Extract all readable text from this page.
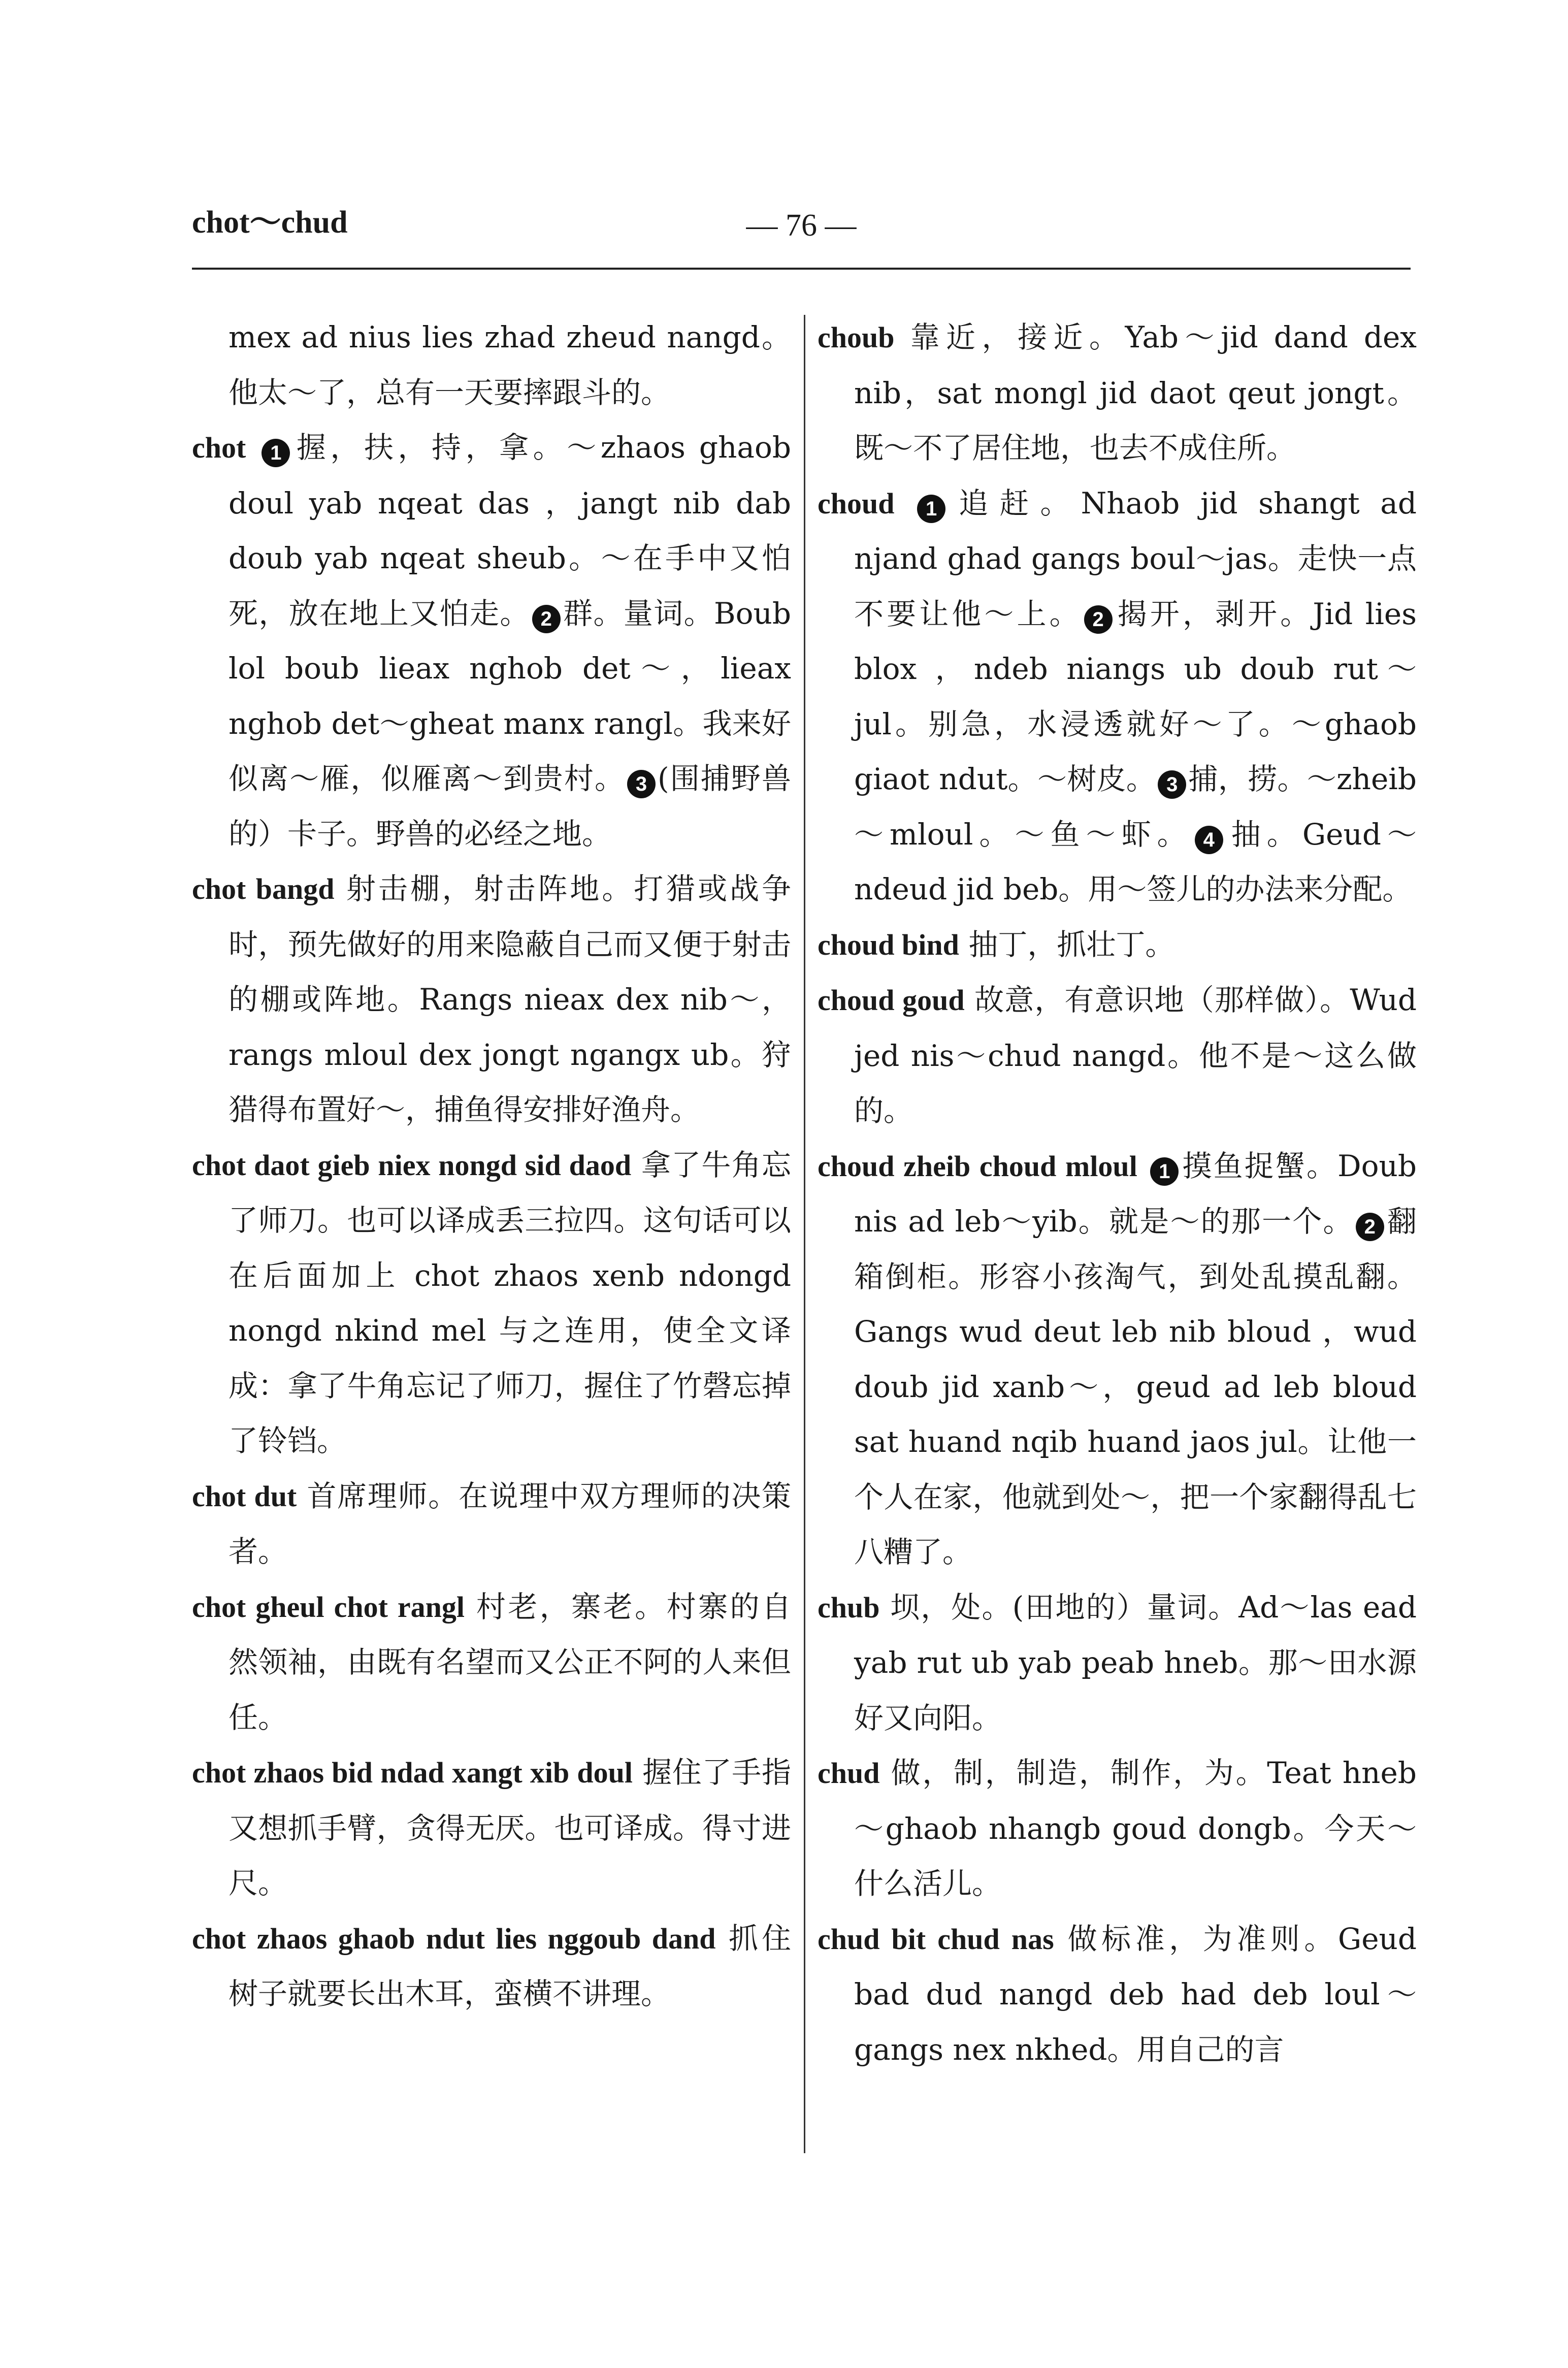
chot～chud	— 76 —
mex ad nius lies zhad zheud nangd。他太～了，总有一天要摔跟斗的。
chot 1 握，扶，持，拿。～zhaos ghaob doul yab nqeat das ，jangt nib dab doub yab nqeat sheub。～在手中又怕死，放在地上又怕走。 2 群。量词。Boub lol boub lieax nghob det～，lieax nghob det～gheat manx rangl。我来好似离～雁，似雁离～到贵村。 3 (围捕野兽的）卡子。野兽的必经之地。
chot bangd 射击棚，射击阵地。打猎或战争时，预先做好的用来隐蔽自己而又便于射击的棚或阵地。Rangs nieax dex nib～，rangs mloul dex jongt ngangx ub。狩猎得布置好～，捕鱼得安排好渔舟。
chot daot gieb niex nongd sid daod 拿了牛角忘了师刀。也可以译成丢三拉四。这句话可以在后面加上 chot zhaos xenb ndongd nongd nkind mel 与之连用，使全文译成：拿了牛角忘记了师刀，握住了竹磬忘掉了铃铛。
chot dut 首席理师。在说理中双方理师的决策者。
chot gheul chot rangl 村老，寨老。村寨的自然领袖，由既有名望而又公正不阿的人来但任。
chot zhaos bid ndad xangt xib doul 握住了手指又想抓手臂，贪得无厌。也可译成。得寸进尺。
chot zhaos ghaob ndut lies nggoub dand 抓住树子就要长出木耳，蛮横不讲理。
choub 靠近，接近。Yab～jid dand dex nib，sat mongl jid daot qeut jongt。既～不了居住地，也去不成住所。
choud 1 追赶。Nhaob jid shangt ad njand ghad gangs boul～jas。走快一点不要让他～上。 2 揭开，剥开。Jid lies blox ，ndeb niangs ub doub rut～jul。别急，水浸透就好～了。～ghaob giaot ndut。～树皮。 3 捕，捞。～zheib～mloul。～鱼～虾。 4 抽。Geud～ndeud jid beb。用～签儿的办法来分配。
choud bind 抽丁，抓壮丁。
choud goud 故意，有意识地（那样做）。Wud jed nis～chud nangd。他不是～这么做的。
choud zheib choud mloul 1 摸鱼捉蟹。Doub nis ad leb～yib。就是～的那一个。 2 翻箱倒柜。形容小孩淘气，到处乱摸乱翻。Gangs wud deut leb nib bloud ，wud doub jid xanb～，geud ad leb bloud sat huand nqib huand jaos jul。让他一个人在家，他就到处～，把一个家翻得乱七八糟了。
chub 坝，处。(田地的）量词。Ad～las ead yab rut ub yab peab hneb。那～田水源好又向阳。
chud 做，制，制造，制作，为。Teat hneb～ghaob nhangb goud dongb。今天～什么活儿。
chud bit chud nas 做标准，为准则。Geud bad dud nangd deb had deb loul～gangs nex nkhed。用自己的言
